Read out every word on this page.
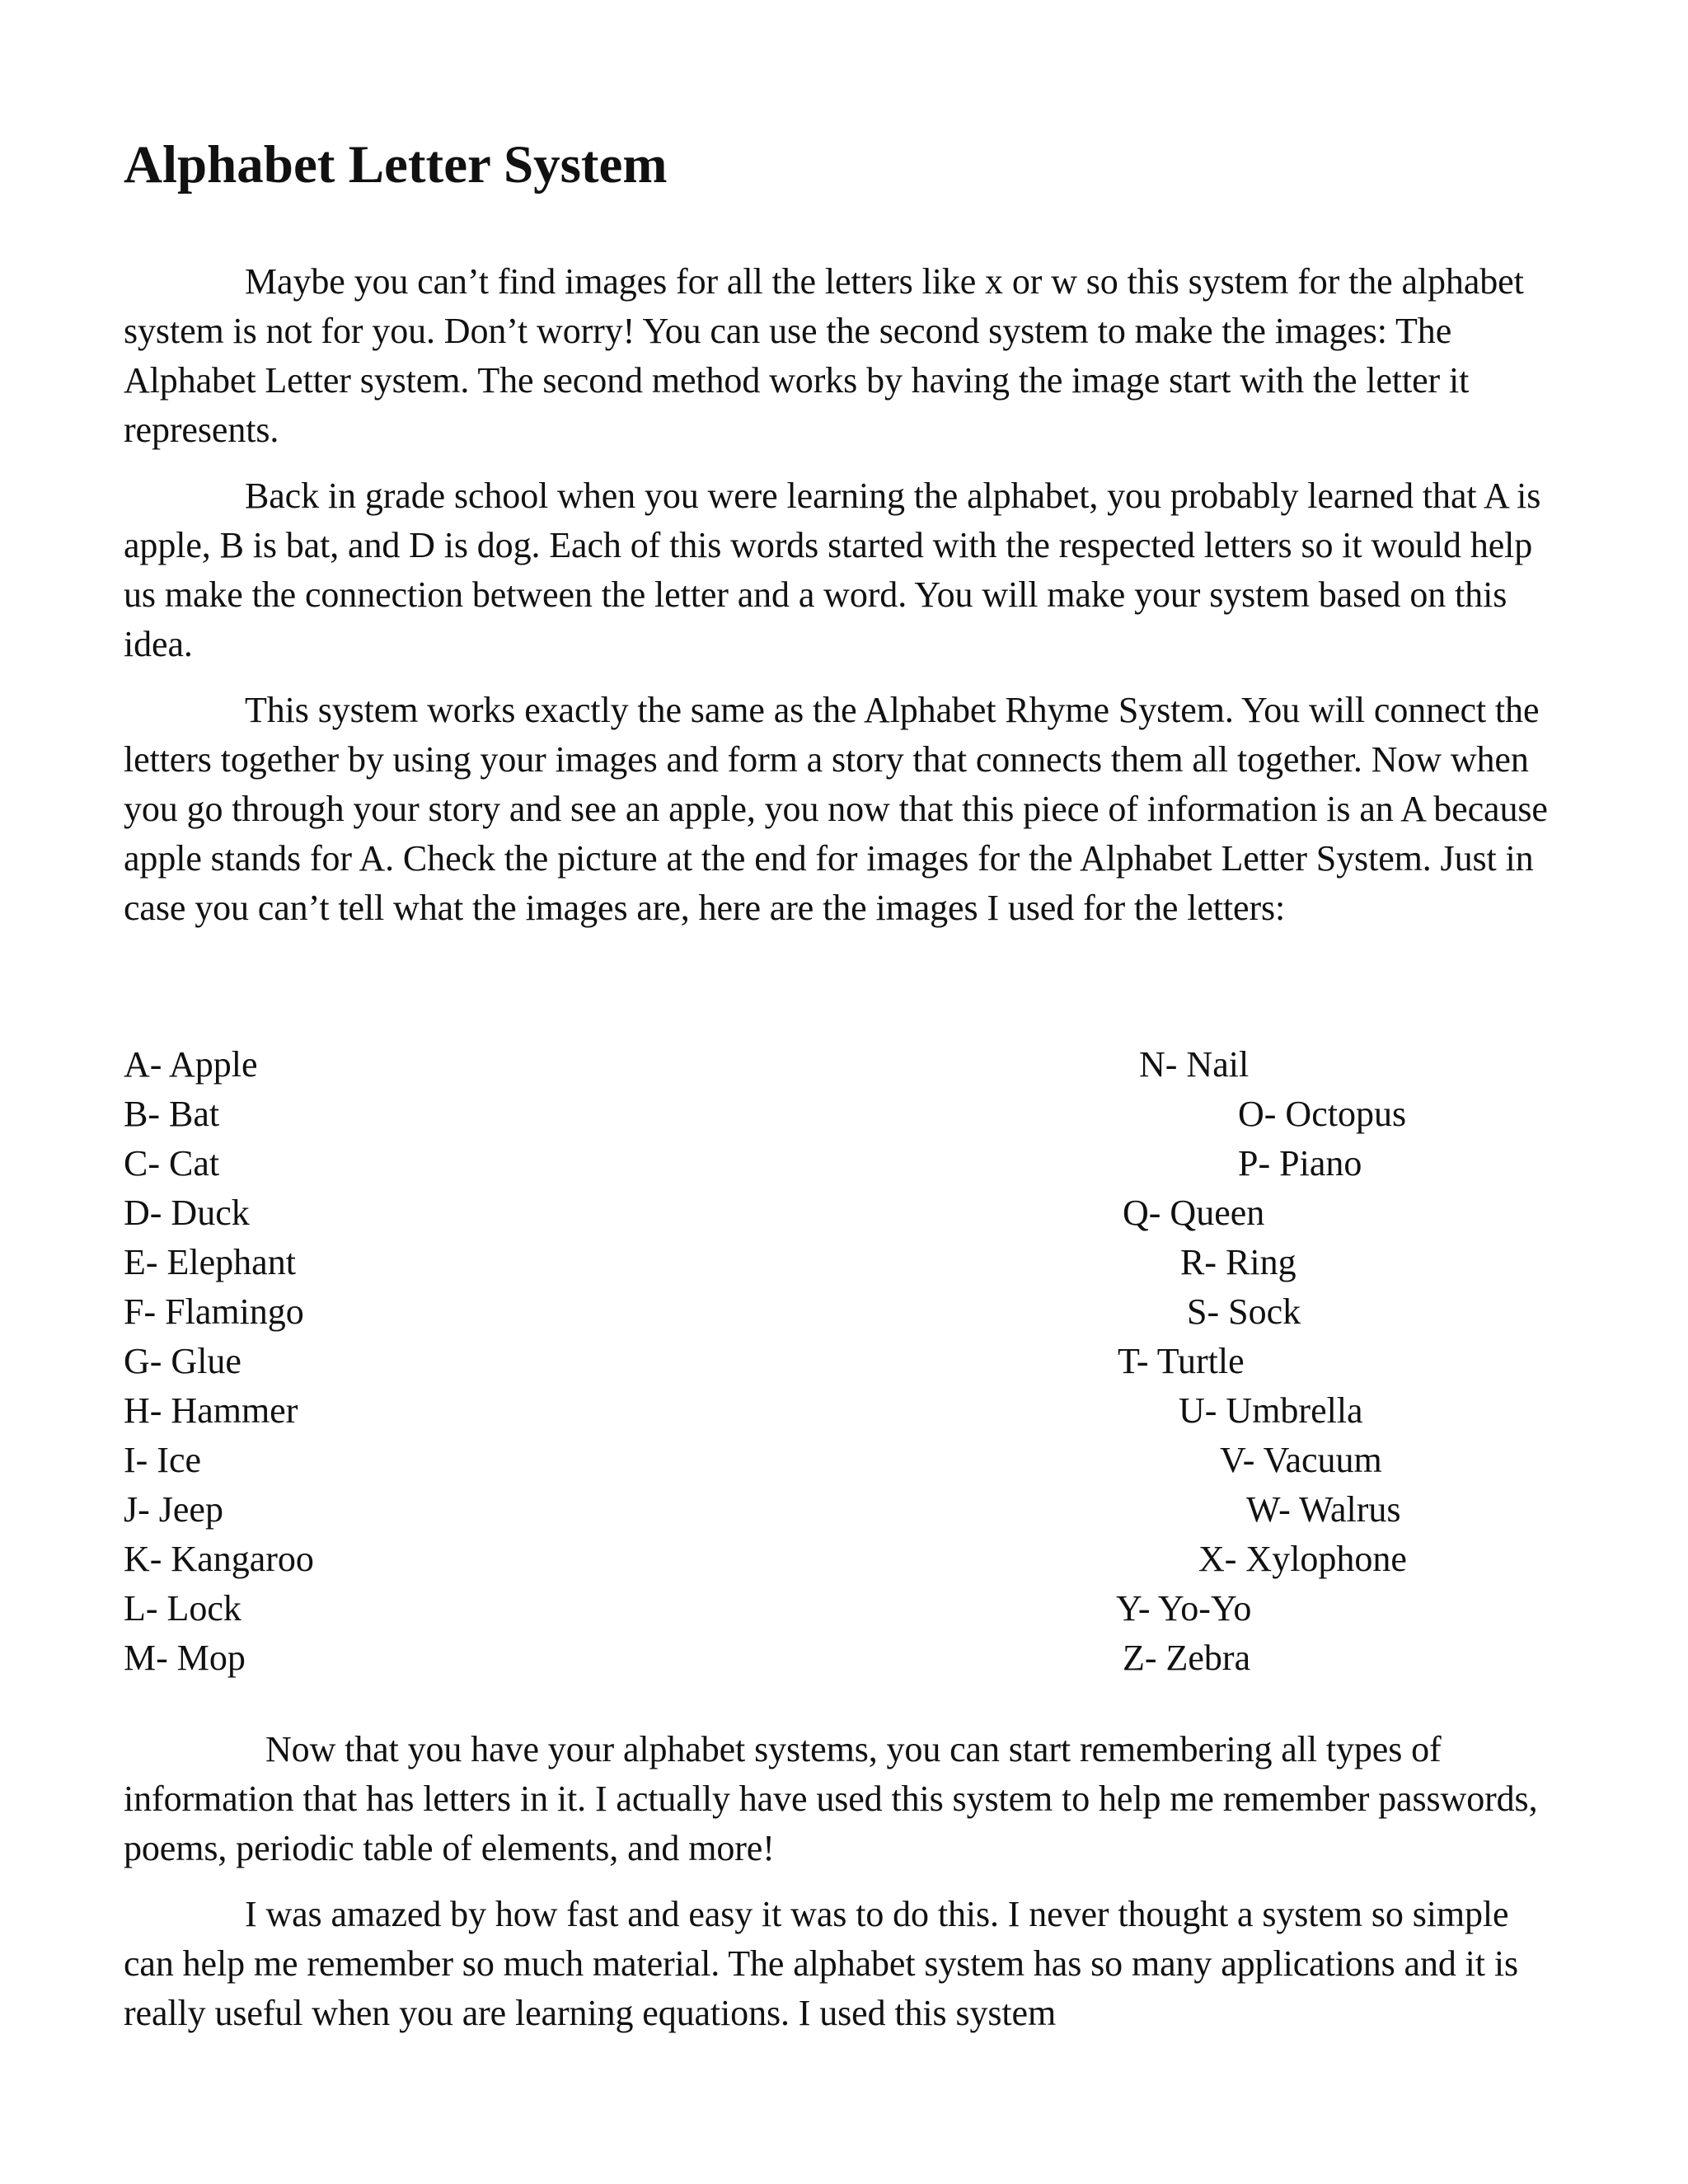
Alphabet Letter System

Maybe you can’t find images for all the letters like x or w so this system for the alphabet system is not for you. Don’t worry! You can use the second system to make the images: The Alphabet Letter system. The second method works by having the image start with the letter it represents.

Back in grade school when you were learning the alphabet, you probably learned that A is apple, B is bat, and D is dog. Each of this words started with the respected letters so it would help us make the connection between the letter and a word. You will make your system based on this idea.

This system works exactly the same as the Alphabet Rhyme System. You will connect the letters together by using your images and form a story that connects them all together. Now when you go through your story and see an apple, you now that this piece of information is an A because apple stands for A. Check the picture at the end for images for the Alphabet Letter System. Just in case you can’t tell what the images are, here are the images I used for the letters:

A- Apple
B- Bat
C- Cat
D- Duck
E- Elephant
F- Flamingo
G- Glue
H- Hammer
I- Ice
J- Jeep
K- Kangaroo
L- Lock
M- Mop
N- Nail
O- Octopus
P- Piano
Q- Queen
R- Ring
S- Sock
T- Turtle
U- Umbrella
V- Vacuum
W- Walrus
X- Xylophone
Y- Yo-Yo
Z- Zebra

Now that you have your alphabet systems, you can start remembering all types of information that has letters in it. I actually have used this system to help me remember passwords, poems, periodic table of elements, and more!

I was amazed by how fast and easy it was to do this. I never thought a system so simple can help me remember so much material. The alphabet system has so many applications and it is really useful when you are learning equations. I used this system
